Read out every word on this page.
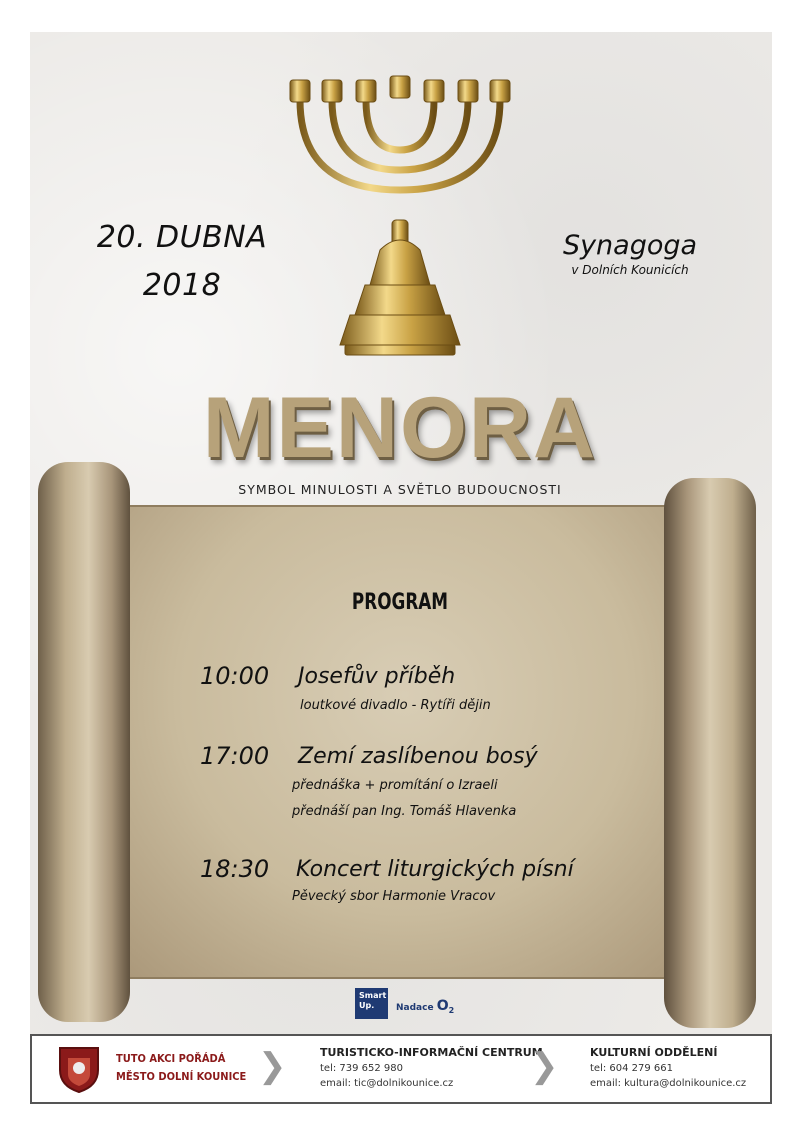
20. DUBNA
2018
Synagoga
v Dolních Kounicích
MENORA
SYMBOL MINULOSTI A SVĚTLO BUDOUCNOSTI
PROGRAM
10:00 Josefův příběh
loutkové divadlo - Rytíři dějin
17:00 Zemí zaslíbenou bosý
přednáška + promítání o Izraeli
přednáší pan Ing. Tomáš Hlavenka
18:30 Koncert liturgických písní
Pěvecký sbor Harmonie Vracov
Smart
Up.	Nadace $O_2$
TUTO AKCI POŘÁDÁ
MĚSTO DOLNÍ KOUNICE ❯	TURISTICKO-INFORMAČNÍ CENTRUM
tel: 739 652 980
email: tic@dolnikounice.cz ❯	KULTURNÍ ODDĚLENÍ
tel: 604 279 661
email: kultura@dolnikounice.cz
